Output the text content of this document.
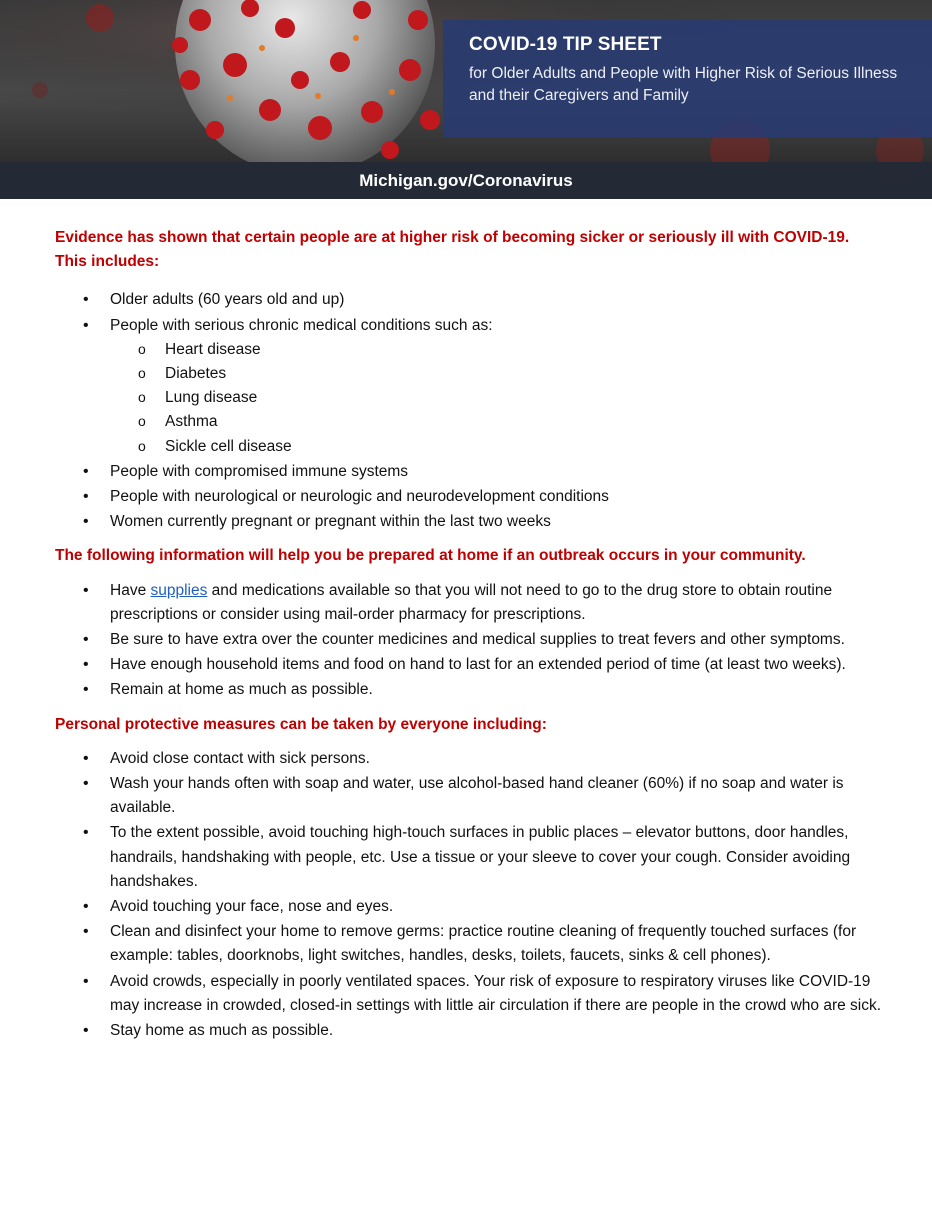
COVID-19 TIP SHEET

for Older Adults and People with Higher Risk of Serious Illness and their Caregivers and Family

Michigan.gov/Coronavirus

Evidence has shown that certain people are at higher risk of becoming sicker or seriously ill with COVID-19. This includes:

• Older adults (60 years old and up)
• People with serious chronic medical conditions such as:
o Heart disease
o Diabetes
o Lung disease
o Asthma
o Sickle cell disease
• People with compromised immune systems
• People with neurological or neurologic and neurodevelopment conditions
• Women currently pregnant or pregnant within the last two weeks

The following information will help you be prepared at home if an outbreak occurs in your community.

• Have supplies and medications available so that you will not need to go to the drug store to obtain routine prescriptions or consider using mail-order pharmacy for prescriptions.
• Be sure to have extra over the counter medicines and medical supplies to treat fevers and other symptoms.
• Have enough household items and food on hand to last for an extended period of time (at least two weeks).
• Remain at home as much as possible.

Personal protective measures can be taken by everyone including:

• Avoid close contact with sick persons.
• Wash your hands often with soap and water, use alcohol-based hand cleaner (60%) if no soap and water is available.
• To the extent possible, avoid touching high-touch surfaces in public places – elevator buttons, door handles, handrails, handshaking with people, etc. Use a tissue or your sleeve to cover your cough. Consider avoiding handshakes.
• Avoid touching your face, nose and eyes.
• Clean and disinfect your home to remove germs: practice routine cleaning of frequently touched surfaces (for example: tables, doorknobs, light switches, handles, desks, toilets, faucets, sinks & cell phones).
• Avoid crowds, especially in poorly ventilated spaces. Your risk of exposure to respiratory viruses like COVID-19 may increase in crowded, closed-in settings with little air circulation if there are people in the crowd who are sick.
• Stay home as much as possible.
